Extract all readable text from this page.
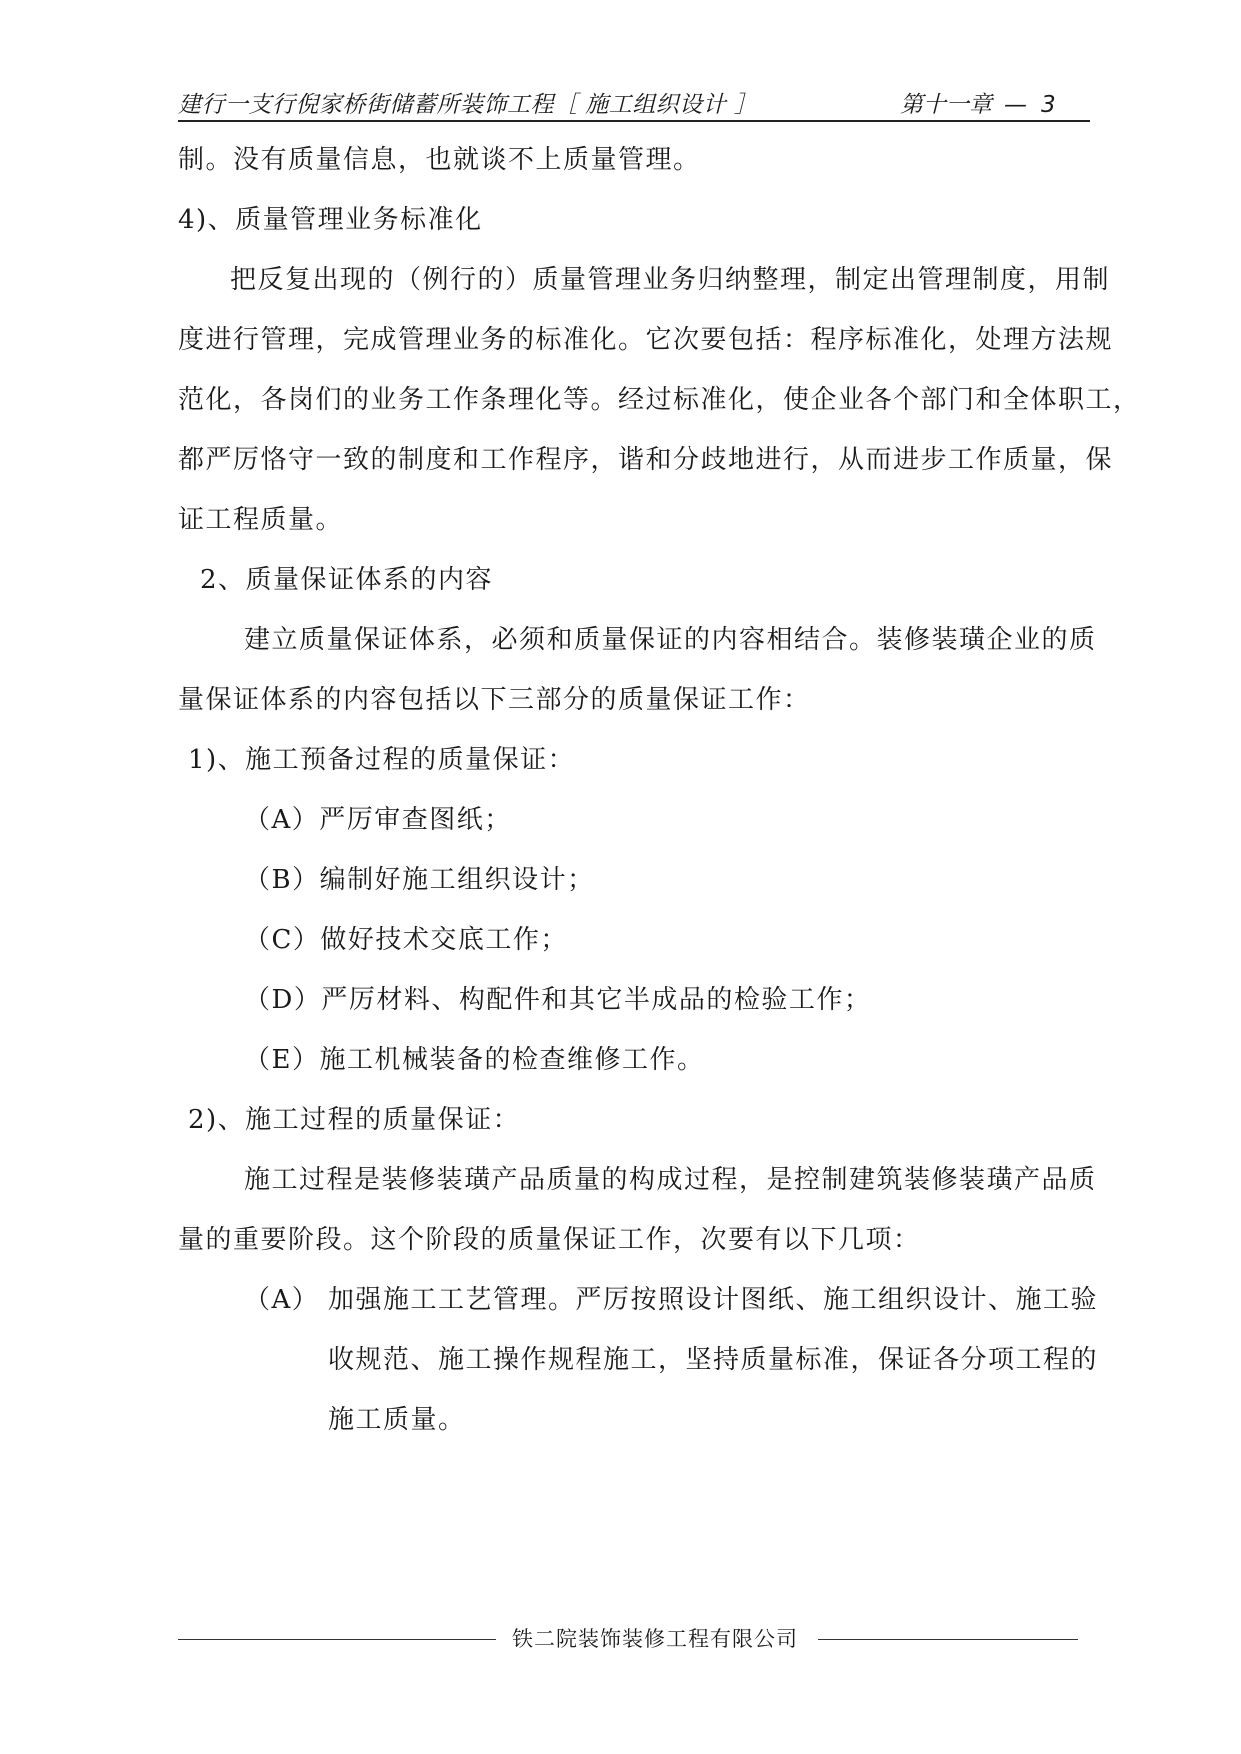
建行一支行倪家桥街储蓄所装饰工程［ 施工组织设计 ］	第十一章 — 3
制。没有质量信息，也就谈不上质量管理。
4)、质量管理业务标准化
把反复出现的（例行的）质量管理业务归纳整理，制定出管理制度，用制
度进行管理，完成管理业务的标准化。它次要包括：程序标准化，处理方法规
范化，各岗们的业务工作条理化等。经过标准化，使企业各个部门和全体职工，
都严厉恪守一致的制度和工作程序，谐和分歧地进行，从而进步工作质量，保
证工程质量。
2、质量保证体系的内容
建立质量保证体系，必须和质量保证的内容相结合。装修装璜企业的质
量保证体系的内容包括以下三部分的质量保证工作：
1)、施工预备过程的质量保证：
（A）严厉审查图纸；
（B）编制好施工组织设计；
（C）做好技术交底工作；
（D）严厉材料、构配件和其它半成品的检验工作；
（E）施工机械装备的检查维修工作。
2)、施工过程的质量保证：
施工过程是装修装璜产品质量的构成过程，是控制建筑装修装璜产品质
量的重要阶段。这个阶段的质量保证工作，次要有以下几项：
（A） 加强施工工艺管理。严厉按照设计图纸、施工组织设计、施工验
收规范、施工操作规程施工，坚持质量标准，保证各分项工程的
施工质量。
铁二院装饰装修工程有限公司
